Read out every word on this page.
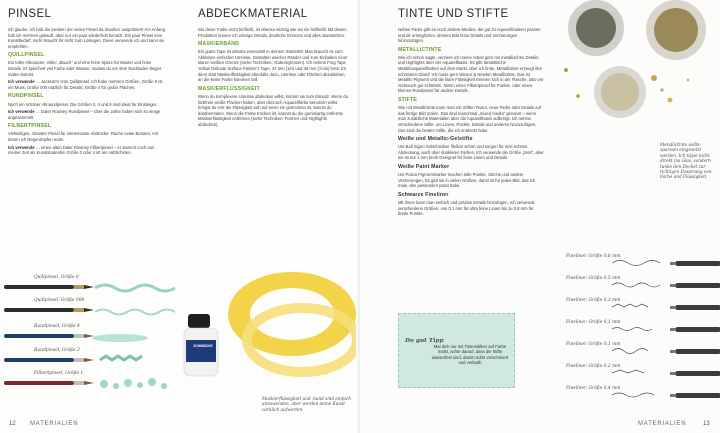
PINSEL

Ich glaube, ich hab die meisten der vielen Pinsel da draußen ausprobiert! Am Anfang hab ich mehrere gekauft, aber nur ein paar wiederholt benutzt. Ein paar Pinsel vom Kunstbedarf, mehr braucht ihr nicht zum Loslegen. Diese verwende ich und kann sie empfehlen.

QUILLPINSEL

Ein toller Allrounder. Voller „Bauch“ und eine feine Spitze für Muster und feine Details. Er speichert viel Farbe oder Wasser, sodass du vor dem Nachladen länger malen kannst.

Ich verwende … Jackson’s Icon Quillpinsel. Ich habe mehrere Größen, Größe 0 ist ein Muss, Größe 000 nützlich für Details, Größe 4 für große Flächen.

RUNDPINSEL

Noch ein schöner Allroundpinsel. Die Größen 0, 4 und 8 sind ideal für Einsteiger.

Ich verwende … Daler Rowney Rundpinsel – über die Jahre haben sich so einige angesammelt.

FILBERTPINSEL

Vielseitigen, robuster Pinsel für interessante Abdrücke: Flache ovale Borsten, mit denen ich Regentropfen male.

Ich verwende … einen alten Daler Rowney Filbertpinsel – er stammt noch aus meiner Zeit als Kunststudentin! Größe 3 oder 4 ist am nützlichsten.

ABDECKMATERIAL

Wo deine Farbe nicht hinfließt, ist ebenso wichtig wie wo sie hinfließt! Mit diesen Produkten kreiere ich winzige Details, deutliche Grenzen und alles dazwischen.

MASKIERBAND

Ein gutes Tape ist absolut essenziell in deinem Starterkit! Man braucht es zum Abkleben einfacher Umrisse, Gestalten weicher Ränder und zum Einhalten einer klaren weißen Grenze (siehe Techniken: Abdeckgrenzen). Ich nehme Frog Tape Yellow Delicate Surface Painter’s Tape, 24 mm (1in) und 36 mm (1½in) breit. Es dient statt Maskierflüssigkeit ebenfalls dazu, Umrisse oder Flächen abzukleben, an die keine Farbe kommen soll.

MASKIERFLÜSSIGKEIT

Wenn du komplexere Umrisse abdecken willst, kommt sie zum Einsatz. Wenn du farbfreie weiße Flächen haben, aber dennoch Aquarellfarbe benutzen willst, bringst du erst die Flüssigkeit auf und wenn sie getrocknet ist, kannst du darübermalen. Wenn die Farbe trocken ist, kannst du die gummiartig entfernte Maskierflüssigkeit entfernen (siehe Techniken: Formen und Highlights abdecken).

Quillpinsel, Größe 0
Quillpinsel, Größe 000
Rundpinsel, Größe 4
Rundpinsel, Größe 2
Filbertpinsel, Größe 1
SCHMINCKE
Maskierflüssigkeit und -band sind einfach anzuwenden, aber werden deine Kunst wirklich aufwerten.
12 MATERIALIEN
TINTE UND STIFTE

Neben Farbe gibt es noch andere Medien, die gut zu Aquarellmalerei passen und dir ermöglichen, deinem Bild feine Details und Verzierungen hinzuzufügen.

METALLICTINTE

Wie ich schon sagte, verziere ich meine Arbeit gern mit metallischen Details und Highlights über der Aquarellbasis. Es gibt fantastische Metallicaquarellfarben auf dem Markt, aber ich finde, Metallictinte erzeugt den schönsten Glanz! Ich nutze gern Winsor & Newton Metallictinte. Das ist Metallic-Pigment und die klare Flüssigkeit trennen sich in der Flasche, also vor Gebrauch gut schütteln. Nimm einen Filbertpinsel für Punkte, oder einen kleinen Rundpinsel für andere Details.

STIFTE

Wie mit Metallictinte kann man mit Stiften Textur, neue Farbe oder Details auf das fertige Bild malen. Das sind manchmal „mixed media“ genannt – wenn man zusätzliche Materialien über die Aquarellbasis aufbringt. Ich nehme verschiedene Stifte, um Linien, Punkte, Details und anderes hinzuzufügen. Das sind die besten Stifte, die ich entdeckt habe:

Weiße und Metallic-Gelstifte

Uni-Ball Signo Gelschreiber fließen schön und sorgen für eine schöne Abdeckung, auch über dunkleren Farben. Ich verwende die Größe „breit“, aber sie ist nur 1 mm breit! Geeignet für feine Linien und Details.

Weiße Paint Marker

Uni Posca Pigmentmarker machen tolle Punkte, Striche und andere Verzierungen. Es gibt sie in vielen Größen, damit ist für jedes Bild, das ich male, den passenden parat habe.

Schwarze Fineliner

Mit ihnen kann man einfach und präzise Details hinzufügen. Ich verwende verschiedene Größen, von 0,1 mm für ultra feine Linien bis zu 0,8 mm für breite Punkte.

Metallictinte sollte sparsam eingesetzt werden. Ich tippe nicht direkt ins Glas, sondern tunke den Deckel zur richtigen Dosierung von Farbe und Flüssigkeit.
Do gut Tipp
Mal dich nur mit Tintenstiften auf Farbe malst, achte darauf, dass die Stifte wasserfest sind, damit nichts verschmiert und verläuft!
Fineliner, Größe 0,8 mm
Fineliner, Größe 0,5 mm
Fineliner, Größe 0,3 mm
Fineliner, Größe 0,1 mm
Fineliner, Größe 0,1 mm
Fineliner, Größe 0,2 mm
Fineliner, Größe 0,4 mm
MATERIALIEN	13
